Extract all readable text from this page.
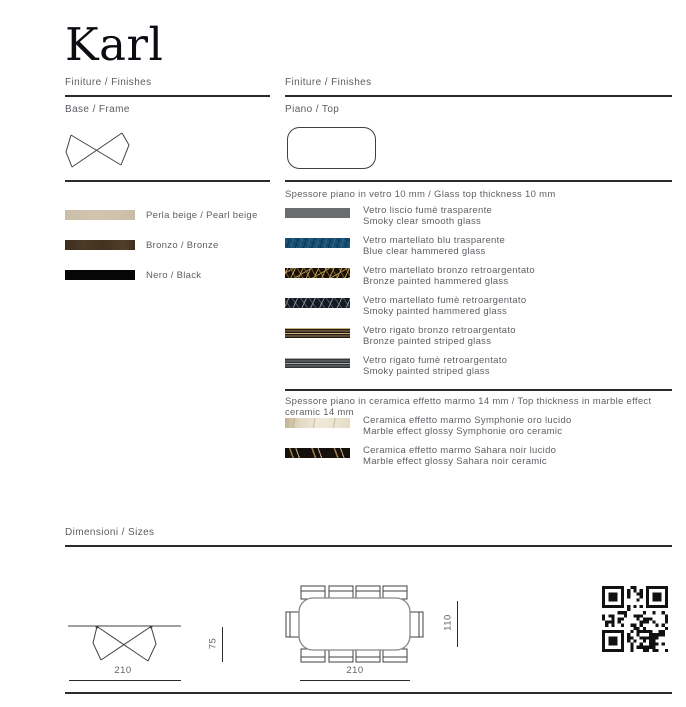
Karl
Finiture / Finishes
Base / Frame
Perla beige / Pearl beige
Bronzo / Bronze
Nero / Black
Finiture / Finishes
Piano / Top
Spessore piano in vetro 10 mm / Glass top thickness 10 mm
Vetro liscio fumè trasparente
Smoky clear smooth glass
Vetro martellato blu trasparente
Blue clear hammered glass
Vetro martellato bronzo retroargentato
Bronze painted hammered glass
Vetro martellato fumè retroargentato
Smoky painted hammered glass
Vetro rigato bronzo retroargentato
Bronze painted striped glass
Vetro rigato fumè retroargentato
Smoky painted striped glass
Spessore piano in ceramica effetto marmo 14 mm / Top thickness in marble effect ceramic 14 mm
Ceramica effetto marmo Symphonie oro lucido
Marble effect glossy Symphonie oro ceramic
Ceramica effetto marmo Sahara noir lucido
Marble effect glossy Sahara noir ceramic
Dimensioni / Sizes
210
75
210
110
